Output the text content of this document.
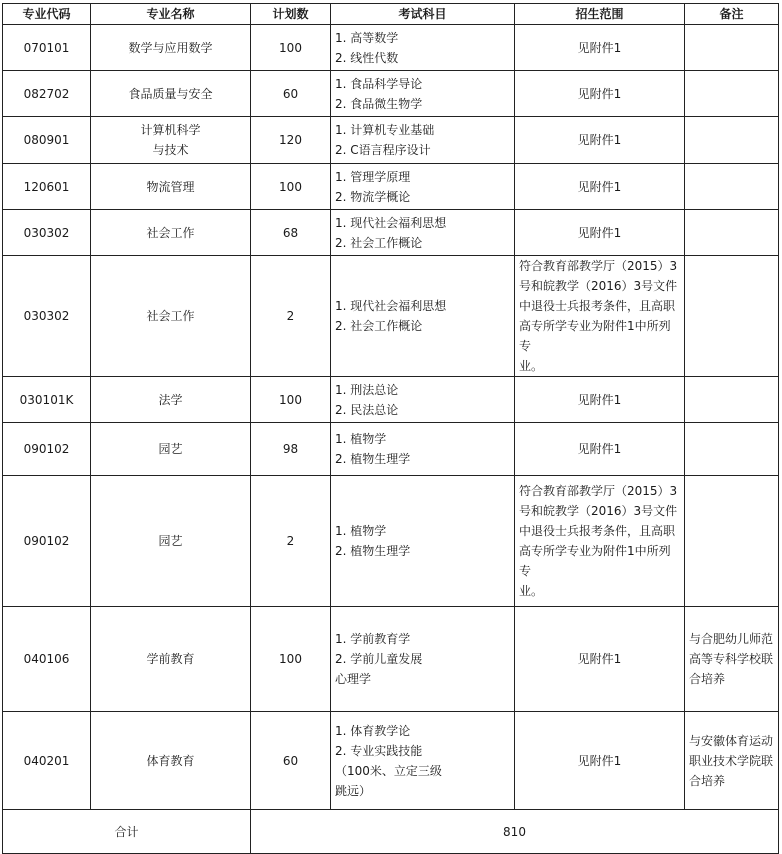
专业代码	专业名称	计划数	考试科目	招生范围	备注
070101	数学与应用数学	100	1. 高等数学
2. 线性代数	见附件1	

082702	食品质量与安全	60	1. 食品科学导论
2. 食品微生物学	见附件1	

080901	计算机科学
与技术	120	1. 计算机专业基础
2. C语言程序设计	见附件1	

120601	物流管理	100	1. 管理学原理
2. 物流学概论	见附件1	

030302	社会工作	68	1. 现代社会福利思想
2. 社会工作概论	见附件1	

030302	社会工作	2	1. 现代社会福利思想
2. 社会工作概论	符合教育部教学厅（2015）3
号和皖教学（2016）3号文件
中退役士兵报考条件，且高职
高专所学专业为附件1中所列专
业。	

030101K	法学	100	1. 刑法总论
2. 民法总论	见附件1	

090102	园艺	98	1. 植物学
2. 植物生理学	见附件1	

090102	园艺	2	1. 植物学
2. 植物生理学	符合教育部教学厅（2015）3
号和皖教学（2016）3号文件
中退役士兵报考条件，且高职
高专所学专业为附件1中所列专
业。	

040106	学前教育	100	1. 学前教育学
2. 学前儿童发展
心理学	见附件1	与合肥幼儿师范
高等专科学校联
合培养

040201	体育教育	60	1. 体育教学论
2. 专业实践技能
（100米、立定三级
跳远）	见附件1	与安徽体育运动
职业技术学院联
合培养

合计		810			
